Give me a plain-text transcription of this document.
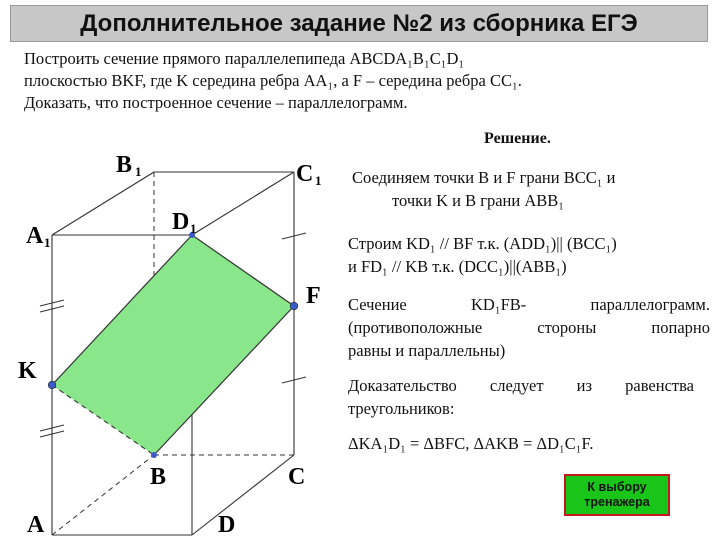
Дополнительное задание №2 из сборника ЕГЭ
Построить сечение прямого параллелепипеда ABCDA₁B₁C₁D₁
плоскостью BKF, где K середина ребра AA₁, а F – середина ребра CC₁.
Доказать, что построенное сечение – параллелограмм.
B 1	C 1
A 1
D 1
F
K
B	C
A	D
Решение.
Соединяем точки B и F грани BCC₁ и
точки K и B грани ABB₁
Строим KD₁ // BF т.к. (ADD₁)|| (BCC₁)
и FD₁ // KB т.к. (DCC₁)||(ABB₁)
Сечение KD₁FB- параллелограмм.
(противоположные стороны попарно
равны и параллельны)
Доказательство следует из равенства
треугольников:
ΔKA₁D₁ = ΔBFC, ΔAKB = ΔD₁C₁F.
К выбору
тренажера
